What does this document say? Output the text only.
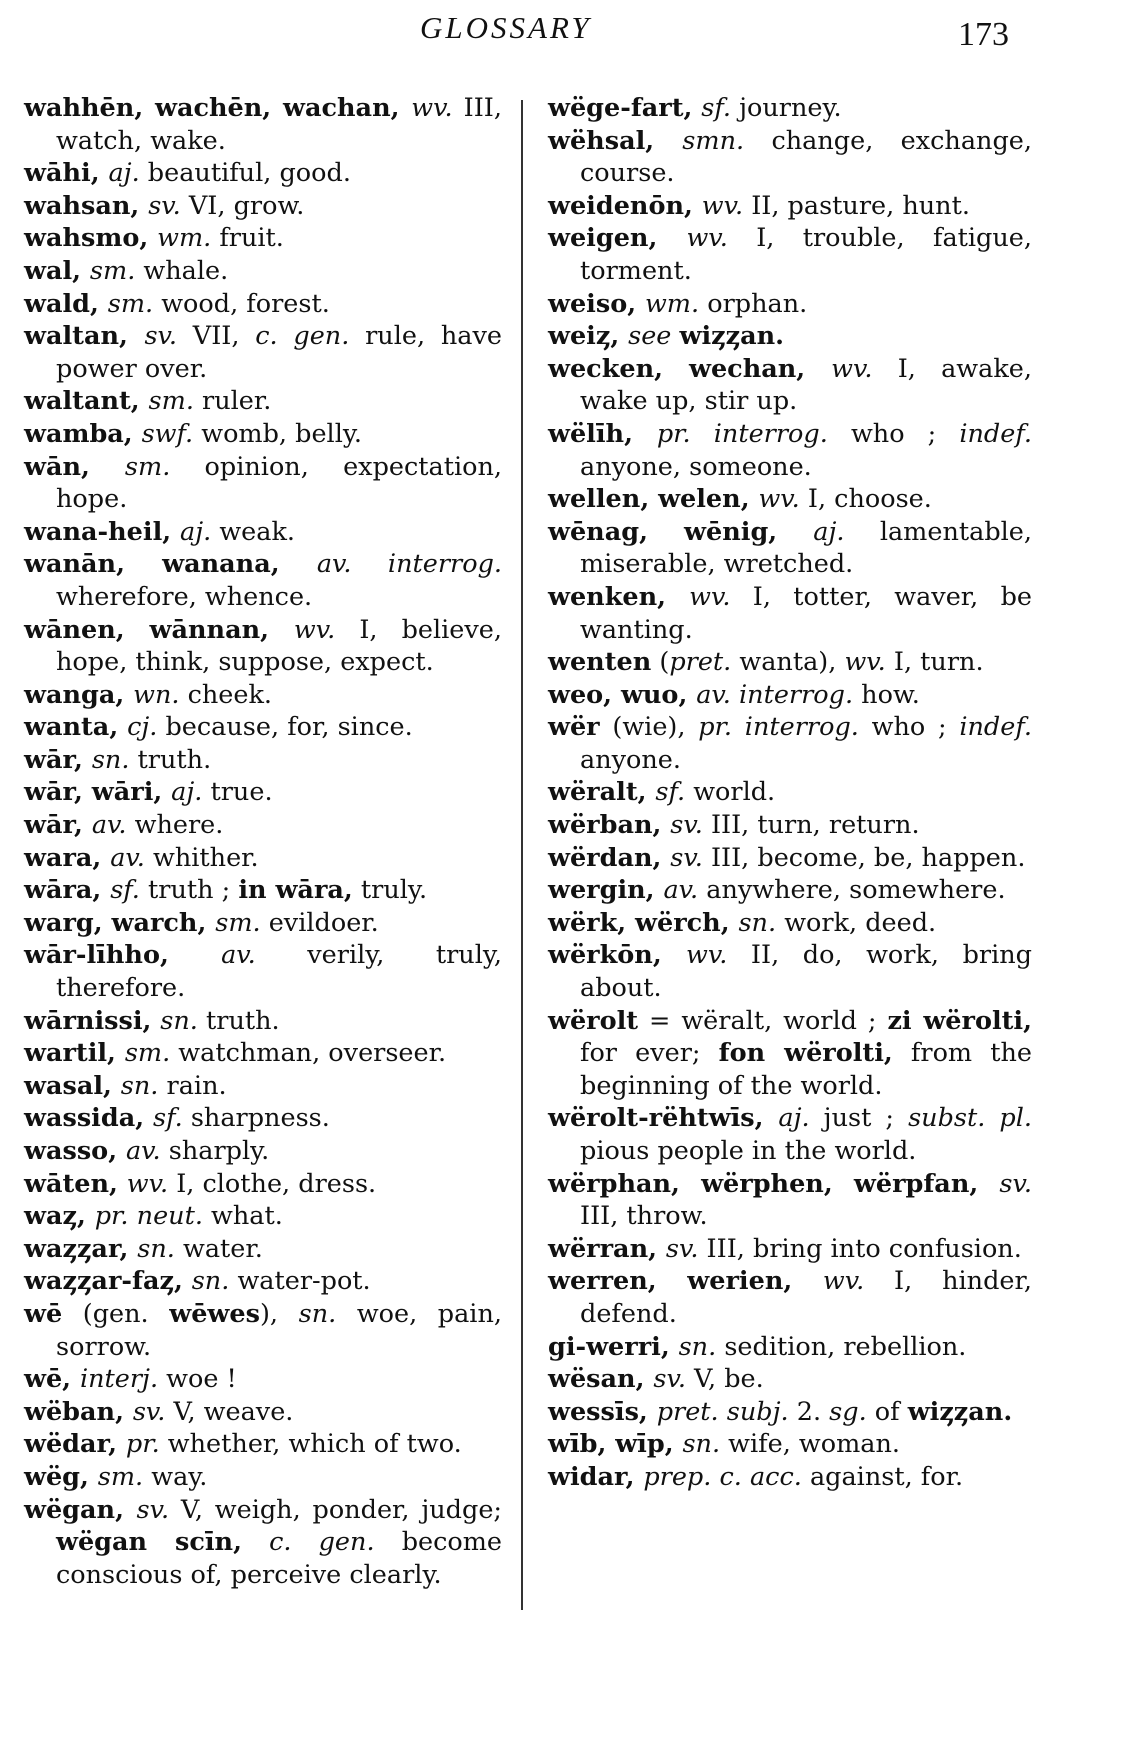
GLOSSARY	173
wahhēn, wachēn, wachan, wv. III, watch, wake.
wāhi, aj. beautiful, good.
wahsan, sv. VI, grow.
wahsmo, wm. fruit.
wal, sm. whale.
wald, sm. wood, forest.
waltan, sv. VII, c. gen. rule, have power over.
waltant, sm. ruler.
wamba, swf. womb, belly.
wān, sm. opinion, expectation, hope.
wana-heil, aj. weak.
wanān, wanana, av. interrog. wherefore, whence.
wānen, wānnan, wv. I, believe, hope, think, suppose, expect.
wanga, wn. cheek.
wanta, cj. because, for, since.
wār, sn. truth.
wār, wāri, aj. true.
wār, av. where.
wara, av. whither.
wāra, sf. truth ; in wāra, truly.
warg, warch, sm. evildoer.
wār-līhho, av. verily, truly, therefore.
wārnissi, sn. truth.
wartil, sm. watchman, overseer.
wasal, sn. rain.
wassida, sf. sharpness.
wasso, av. sharply.
wāten, wv. I, clothe, dress.
waȥ, pr. neut. what.
waȥȥar, sn. water.
waȥȥar-faȥ, sn. water-pot.
wē (gen. wēwes), sn. woe, pain, sorrow.
wē, interj. woe !
wëban, sv. V, weave.
wëdar, pr. whether, which of two.
wëg, sm. way.
wëgan, sv. V, weigh, ponder, judge; wëgan scīn, c. gen. become conscious of, perceive clearly.
wëge-fart, sf. journey.
wëhsal, smn. change, exchange, course.
weidenōn, wv. II, pasture, hunt.
weigen, wv. I, trouble, fatigue, torment.
weiso, wm. orphan.
weiȥ, see wiȥȥan.
wecken, wechan, wv. I, awake, wake up, stir up.
wëlīh, pr. interrog. who ; indef. anyone, someone.
wellen, welen, wv. I, choose.
wēnag, wēnig, aj. lamentable, miserable, wretched.
wenken, wv. I, totter, waver, be wanting.
wenten (pret. wanta), wv. I, turn.
weo, wuo, av. interrog. how.
wër (wie), pr. interrog. who ; indef. anyone.
wëralt, sf. world.
wërban, sv. III, turn, return.
wërdan, sv. III, become, be, happen.
wergin, av. anywhere, somewhere.
wërk, wërch, sn. work, deed.
wërkōn, wv. II, do, work, bring about.
wërolt = wëralt, world ; zi wërolti, for ever; fon wërolti, from the beginning of the world.
wërolt-rëhtwīs, aj. just ; subst. pl. pious people in the world.
wërphan, wërphen, wërpfan, sv. III, throw.
wërran, sv. III, bring into confusion.
werren, werien, wv. I, hinder, defend.
gi-werri, sn. sedition, rebellion.
wësan, sv. V, be.
wessīs, pret. subj. 2. sg. of wiȥȥan.
wīb, wīp, sn. wife, woman.
widar, prep. c. acc. against, for.
